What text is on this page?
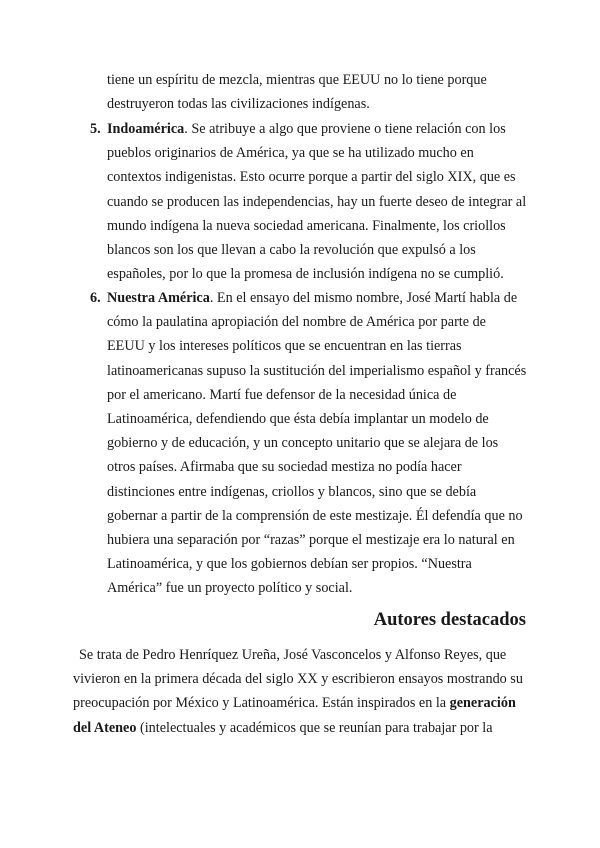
tiene un espíritu de mezcla, mientras que EEUU no lo tiene porque destruyeron todas las civilizaciones indígenas.
5. Indoamérica. Se atribuye a algo que proviene o tiene relación con los pueblos originarios de América, ya que se ha utilizado mucho en contextos indigenistas. Esto ocurre porque a partir del siglo XIX, que es cuando se producen las independencias, hay un fuerte deseo de integrar al mundo indígena la nueva sociedad americana. Finalmente, los criollos blancos son los que llevan a cabo la revolución que expulsó a los españoles, por lo que la promesa de inclusión indígena no se cumplió.
6. Nuestra América. En el ensayo del mismo nombre, José Martí habla de cómo la paulatina apropiación del nombre de América por parte de EEUU y los intereses políticos que se encuentran en las tierras latinoamericanas supuso la sustitución del imperialismo español y francés por el americano. Martí fue defensor de la necesidad única de Latinoamérica, defendiendo que ésta debía implantar un modelo de gobierno y de educación, y un concepto unitario que se alejara de los otros países. Afirmaba que su sociedad mestiza no podía hacer distinciones entre indígenas, criollos y blancos, sino que se debía gobernar a partir de la comprensión de este mestizaje. Él defendía que no hubiera una separación por “razas” porque el mestizaje era lo natural en Latinoamérica, y que los gobiernos debían ser propios. “Nuestra América” fue un proyecto político y social.
Autores destacados
Se trata de Pedro Henríquez Ureña, José Vasconcelos y Alfonso Reyes, que vivieron en la primera década del siglo XX y escribieron ensayos mostrando su preocupación por México y Latinoamérica. Están inspirados en la generación del Ateneo (intelectuales y académicos que se reunían para trabajar por la
